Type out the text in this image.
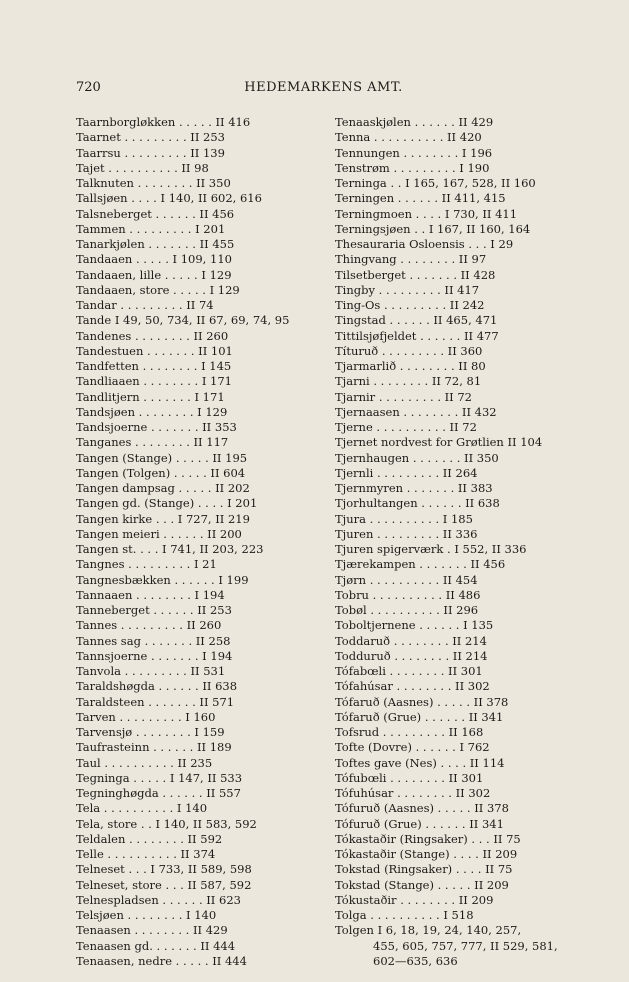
720	HEDEMARKENS AMT.
Taarnborgløkken . . . . . II 416
Taarnet . . . . . . . . . II 253
Taarrsu . . . . . . . . . II 139
Tajet . . . . . . . . . . II 98
Talknuten . . . . . . . . II 350
Tallsjøen . . . . I 140, II 602, 616
Talsneberget . . . . . . II 456
Tammen . . . . . . . . . I 201
Tanarkjølen . . . . . . . II 455
Tandaaen . . . . . I 109, 110
Tandaaen, lille . . . . . I 129
Tandaaen, store . . . . . I 129
Tandar . . . . . . . . . II 74
Tande I 49, 50, 734, II 67, 69, 74, 95
Tandenes . . . . . . . . II 260
Tandestuen . . . . . . . II 101
Tandfetten . . . . . . . . I 145
Tandliaaen . . . . . . . . I 171
Tandlitjern . . . . . . . I 171
Tandsjøen . . . . . . . . I 129
Tandsjoerne . . . . . . . II 353
Tanganes . . . . . . . . II 117
Tangen (Stange) . . . . . II 195
Tangen (Tolgen) . . . . . II 604
Tangen dampsag . . . . . II 202
Tangen gd. (Stange) . . . . I 201
Tangen kirke . . . I 727, II 219
Tangen meieri . . . . . . II 200
Tangen st. . . . I 741, II 203, 223
Tangnes . . . . . . . . . I 21
Tangnesbækken . . . . . . I 199
Tannaaen . . . . . . . . I 194
Tanneberget . . . . . . II 253
Tannes . . . . . . . . . II 260
Tannes sag . . . . . . . II 258
Tannsjoerne . . . . . . . I 194
Tanvola . . . . . . . . . II 531
Taraldshøgda . . . . . . II 638
Taraldsteen . . . . . . . II 571
Tarven . . . . . . . . . I 160
Tarvensjø . . . . . . . . I 159
Taufrasteinn . . . . . . II 189
Taul . . . . . . . . . . II 235
Tegninga . . . . . I 147, II 533
Tegninghøgda . . . . . . II 557
Tela . . . . . . . . . . I 140
Tela, store . . I 140, II 583, 592
Teldalen . . . . . . . . II 592
Telle . . . . . . . . . . II 374
Telneset . . . I 733, II 589, 598
Telneset, store . . . II 587, 592
Telnespladsen . . . . . . II 623
Telsjøen . . . . . . . . I 140
Tenaasen . . . . . . . . II 429
Tenaasen gd. . . . . . . II 444
Tenaasen, nedre . . . . . II 444
Tenaaskjølen . . . . . . II 429
Tenna . . . . . . . . . . II 420
Tennungen . . . . . . . . I 196
Tenstrøm . . . . . . . . . I 190
Terninga . . I 165, 167, 528, II 160
Terningen . . . . . . II 411, 415
Terningmoen . . . . I 730, II 411
Terningsjøen . . I 167, II 160, 164
Thesauraria Osloensis . . . I 29
Thingvang . . . . . . . . II 97
Tilsetberget . . . . . . . II 428
Tingby . . . . . . . . . II 417
Ting-Os . . . . . . . . . II 242
Tingstad . . . . . . II 465, 471
Tittilsjøfjeldet . . . . . . II 477
Títuruð . . . . . . . . . II 360
Tjarmarlið . . . . . . . . II 80
Tjarni . . . . . . . . II 72, 81
Tjarnir . . . . . . . . . II 72
Tjernaasen . . . . . . . . II 432
Tjerne . . . . . . . . . . II 72
Tjernet nordvest for Grøtlien II 104
Tjernhaugen . . . . . . . II 350
Tjernli . . . . . . . . . II 264
Tjernmyren . . . . . . . II 383
Tjorhultangen . . . . . . II 638
Tjura . . . . . . . . . . I 185
Tjuren . . . . . . . . . II 336
Tjuren spigerværk . I 552, II 336
Tjærekampen . . . . . . . II 456
Tjørn . . . . . . . . . . II 454
Tobru . . . . . . . . . . II 486
Tobøl . . . . . . . . . . II 296
Toboltjernene . . . . . . I 135
Toddaruð . . . . . . . . II 214
Todduruð . . . . . . . . II 214
Tófabœli . . . . . . . . II 301
Tófahúsar . . . . . . . . II 302
Tófaruð (Aasnes) . . . . . II 378
Tófaruð (Grue) . . . . . . II 341
Tofsrud . . . . . . . . . II 168
Tofte (Dovre) . . . . . . I 762
Toftes gave (Nes) . . . . II 114
Tófubœli . . . . . . . . II 301
Tófuhúsar . . . . . . . . II 302
Tófuruð (Aasnes) . . . . . II 378
Tófuruð (Grue) . . . . . . II 341
Tókastaðir (Ringsaker) . . . II 75
Tókastaðir (Stange) . . . . II 209
Tokstad (Ringsaker) . . . . II 75
Tokstad (Stange) . . . . . II 209
Tókustaðir . . . . . . . . II 209
Tolga . . . . . . . . . . I 518
Tolgen I 6, 18, 19, 24, 140, 257,
455, 605, 757, 777, II 529, 581,
602—635, 636
